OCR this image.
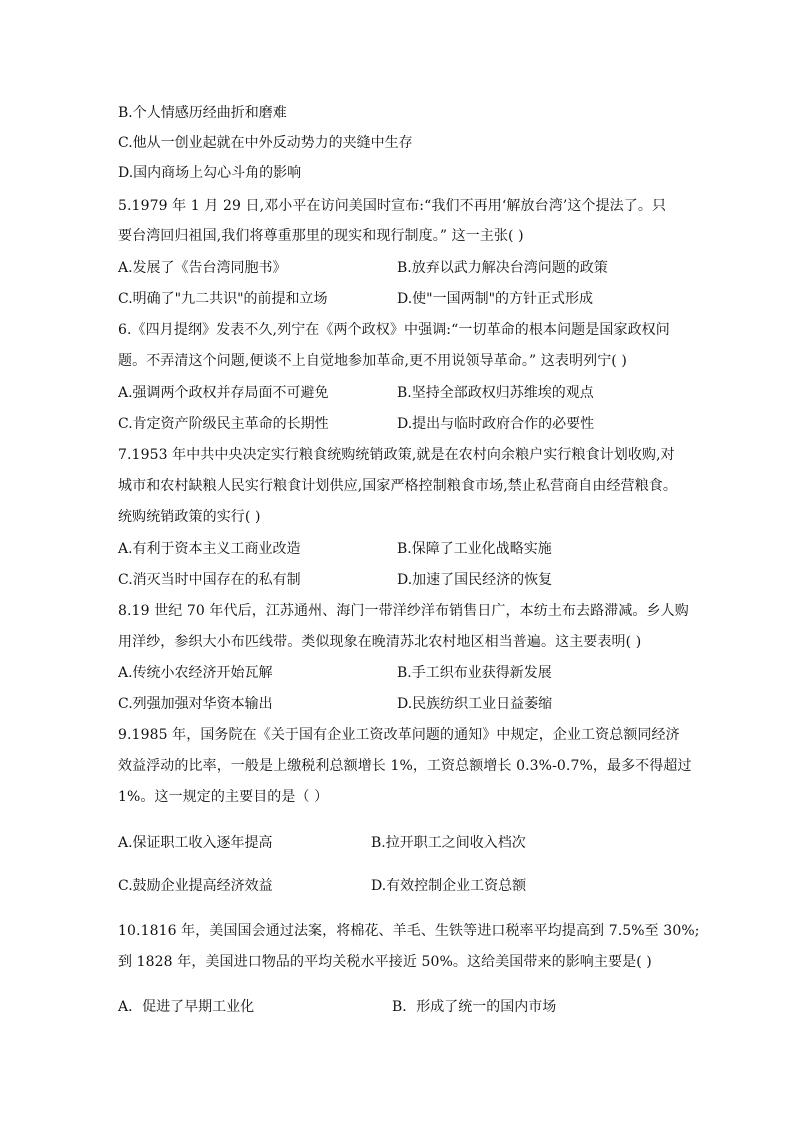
B.个人情感历经曲折和磨难
C.他从一创业起就在中外反动势力的夹缝中生存
D.国内商场上勾心斗角的影响
5.1979 年 1 月 29 日,邓小平在访问美国时宣布:“我们不再用‘解放台湾’这个提法了。只
要台湾回归祖国,我们将尊重那里的现实和现行制度。” 这一主张( )
A.发展了《告台湾同胞书》	B.放弃以武力解决台湾问题的政策
C.明确了"九二共识"的前提和立场	D.使"一国两制"的方针正式形成
6.《四月提纲》发表不久,列宁在《两个政权》中强调:“一切革命的根本问题是国家政权问
题。不弄清这个问题,便谈不上自觉地参加革命,更不用说领导革命。” 这表明列宁( )
A.强调两个政权并存局面不可避免	B.坚持全部政权归苏维埃的观点
C.肯定资产阶级民主革命的长期性	D.提出与临时政府合作的必要性
7.1953 年中共中央决定实行粮食统购统销政策,就是在农村向余粮户实行粮食计划收购,对
城市和农村缺粮人民实行粮食计划供应,国家严格控制粮食市场,禁止私营商自由经营粮食。
统购统销政策的实行( )
A.有利于资本主义工商业改造	B.保障了工业化战略实施
C.消灭当时中国存在的私有制	D.加速了国民经济的恢复
8.19 世纪 70 年代后，江苏通州、海门一带洋纱洋布销售日广，本纺土布去路滞减。乡人购
用洋纱，参织大小布匹线带。类似现象在晚清苏北农村地区相当普遍。这主要表明( )
A.传统小农经济开始瓦解	B.手工织布业获得新发展
C.列强加强对华资本输出	D.民族纺织工业日益萎缩
9.1985 年，国务院在《关于国有企业工资改革问题的通知》中规定，企业工资总额同经济
效益浮动的比率，一般是上缴税利总额增长 1%，工资总额增长 0.3%-0.7%，最多不得超过
1%。这一规定的主要目的是（ ）
A.保证职工收入逐年提高	B.拉开职工之间收入档次
C.鼓励企业提高经济效益	D.有效控制企业工资总额
10.1816 年，美国国会通过法案，将棉花、羊毛、生铁等进口税率平均提高到 7.5%至 30%;
到 1828 年，美国进口物品的平均关税水平接近 50%。这给美国带来的影响主要是( )
A．促进了早期工业化	B．形成了统一的国内市场
